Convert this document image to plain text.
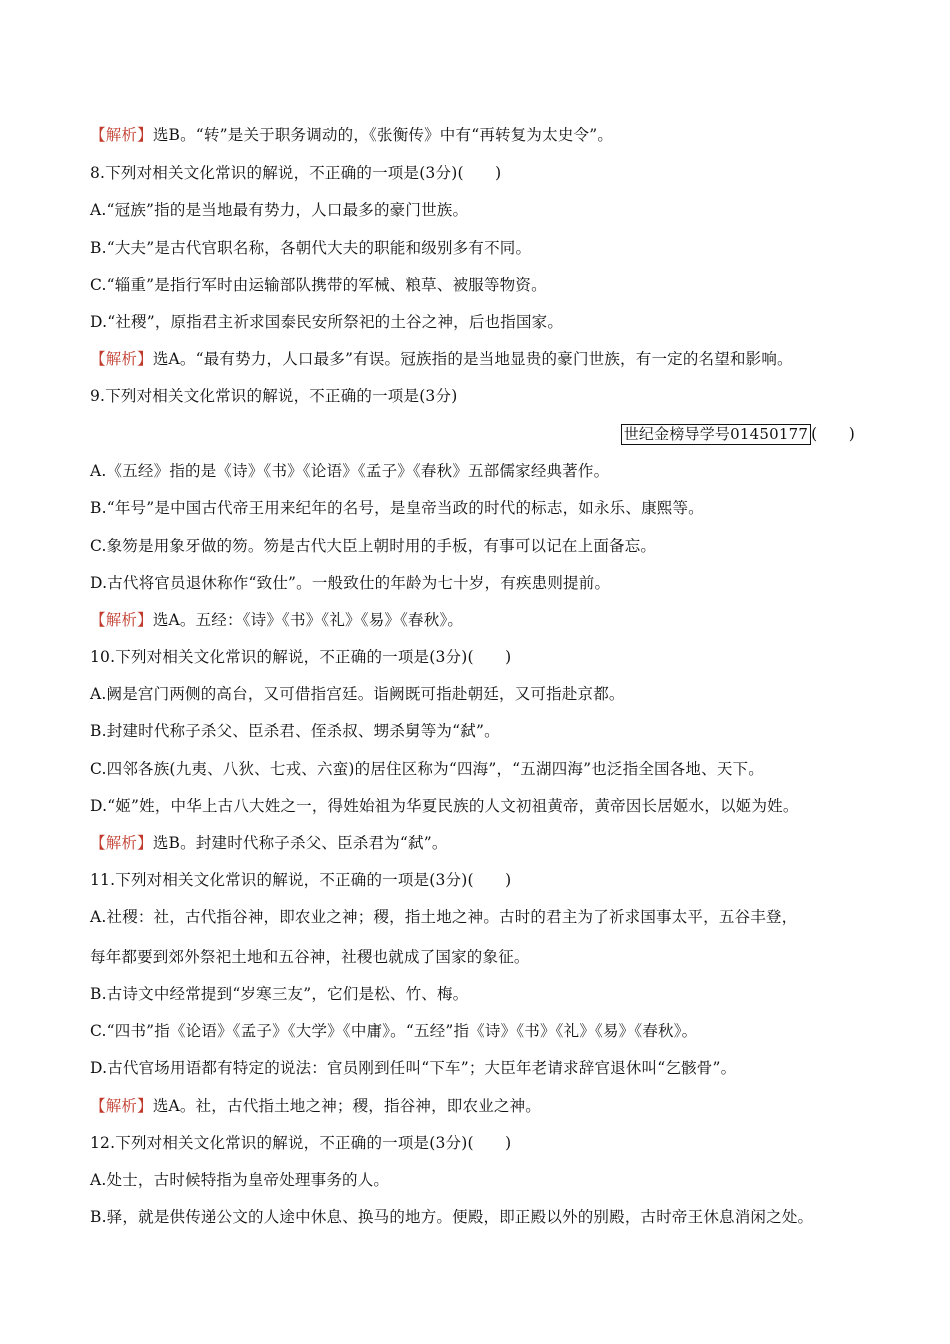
【解析】选B。“转”是关于职务调动的，《张衡传》中有“再转复为太史令”。
8.下列对相关文化常识的解说，不正确的一项是(3分)(　　)
A.“冠族”指的是当地最有势力，人口最多的豪门世族。
B.“大夫”是古代官职名称，各朝代大夫的职能和级别多有不同。
C.“辎重”是指行军时由运输部队携带的军械、粮草、被服等物资。
D.“社稷”，原指君主祈求国泰民安所祭祀的土谷之神，后也指国家。
【解析】选A。“最有势力，人口最多”有误。冠族指的是当地显贵的豪门世族，有一定的名望和影响。
9.下列对相关文化常识的解说，不正确的一项是(3分)
世纪金榜导学号01450177 (　　)
A.《五经》指的是《诗》《书》《论语》《孟子》《春秋》五部儒家经典著作。
B.“年号”是中国古代帝王用来纪年的名号，是皇帝当政的时代的标志，如永乐、康熙等。
C.象笏是用象牙做的笏。笏是古代大臣上朝时用的手板，有事可以记在上面备忘。
D.古代将官员退休称作“致仕”。一般致仕的年龄为七十岁，有疾患则提前。
【解析】选A。五经：《诗》《书》《礼》《易》《春秋》。
10.下列对相关文化常识的解说，不正确的一项是(3分)(　　)
A.阙是宫门两侧的高台，又可借指宫廷。诣阙既可指赴朝廷，又可指赴京都。
B.封建时代称子杀父、臣杀君、侄杀叔、甥杀舅等为“弑”。
C.四邻各族(九夷、八狄、七戎、六蛮)的居住区称为“四海”，“五湖四海”也泛指全国各地、天下。
D.“姬”姓，中华上古八大姓之一，得姓始祖为华夏民族的人文初祖黄帝，黄帝因长居姬水，以姬为姓。
【解析】选B。封建时代称子杀父、臣杀君为“弑”。
11.下列对相关文化常识的解说，不正确的一项是(3分)(　　)
A.社稷：社，古代指谷神，即农业之神；稷，指土地之神。古时的君主为了祈求国事太平，五谷丰登，
每年都要到郊外祭祀土地和五谷神，社稷也就成了国家的象征。
B.古诗文中经常提到“岁寒三友”，它们是松、竹、梅。
C.“四书”指《论语》《孟子》《大学》《中庸》。“五经”指《诗》《书》《礼》《易》《春秋》。
D.古代官场用语都有特定的说法：官员刚到任叫“下车”；大臣年老请求辞官退休叫“乞骸骨”。
【解析】选A。社，古代指土地之神；稷，指谷神，即农业之神。
12.下列对相关文化常识的解说，不正确的一项是(3分)(　　)
A.处士，古时候特指为皇帝处理事务的人。
B.驿，就是供传递公文的人途中休息、换马的地方。便殿，即正殿以外的别殿，古时帝王休息消闲之处。
